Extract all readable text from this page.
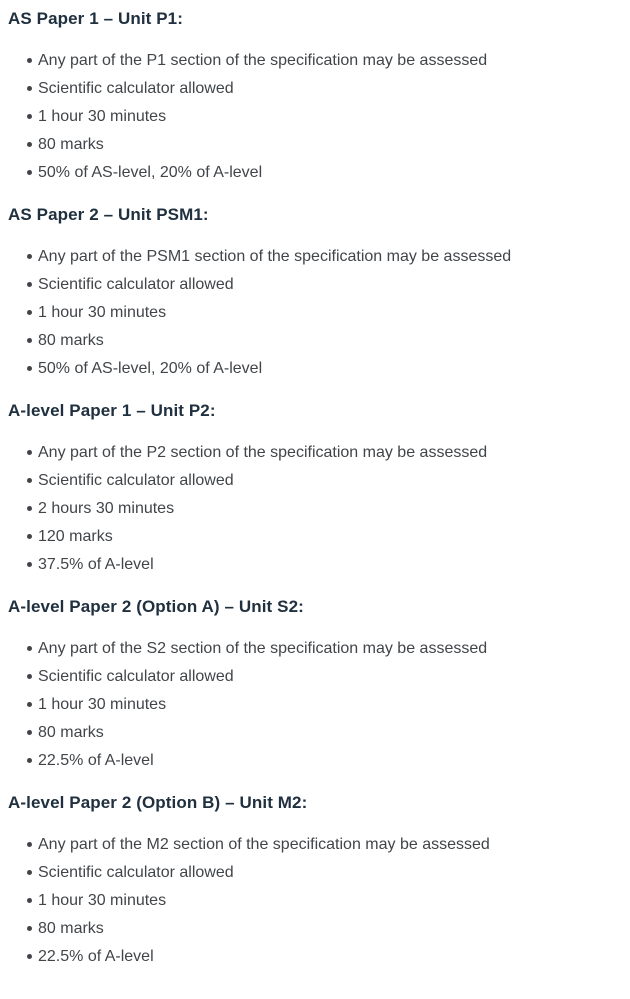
AS Paper 1 – Unit P1:
Any part of the P1 section of the specification may be assessed
Scientific calculator allowed
1 hour 30 minutes
80 marks
50% of AS-level, 20% of A-level
AS Paper 2 – Unit PSM1:
Any part of the PSM1 section of the specification may be assessed
Scientific calculator allowed
1 hour 30 minutes
80 marks
50% of AS-level, 20% of A-level
A-level Paper 1 – Unit P2:
Any part of the P2 section of the specification may be assessed
Scientific calculator allowed
2 hours 30 minutes
120 marks
37.5% of A-level
A-level Paper 2 (Option A) – Unit S2:
Any part of the S2 section of the specification may be assessed
Scientific calculator allowed
1 hour 30 minutes
80 marks
22.5% of A-level
A-level Paper 2 (Option B) – Unit M2:
Any part of the M2 section of the specification may be assessed
Scientific calculator allowed
1 hour 30 minutes
80 marks
22.5% of A-level
